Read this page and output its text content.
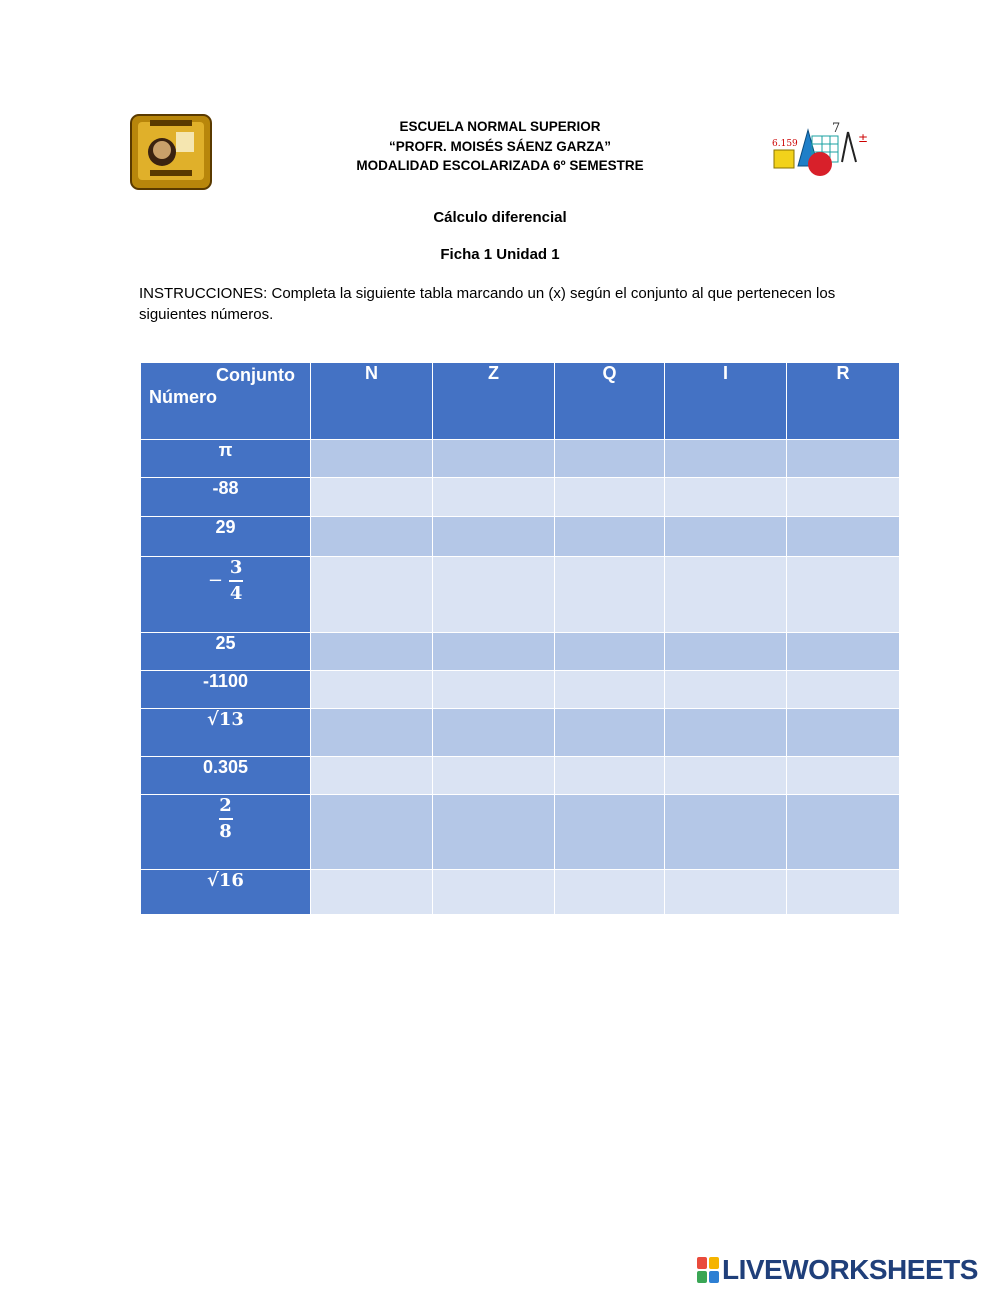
ESCUELA NORMAL SUPERIOR
“PROFR. MOISÉS SÁENZ GARZA”
MODALIDAD ESCOLARIZADA 6º SEMESTRE
6.159
7
±
Cálculo diferencial
Ficha 1 Unidad 1
INSTRUCCIONES: Completa la siguiente tabla marcando un (x) según el conjunto al que pertenecen los siguientes números.
Conjunto
Número	N	Z	Q	I	R
π					
-88					
29					
− $\frac{3}{4}$

25					
-1100					
√13					
0.305					

$\frac{2}{8}$

√16					
LIVEWORKSHEETS
